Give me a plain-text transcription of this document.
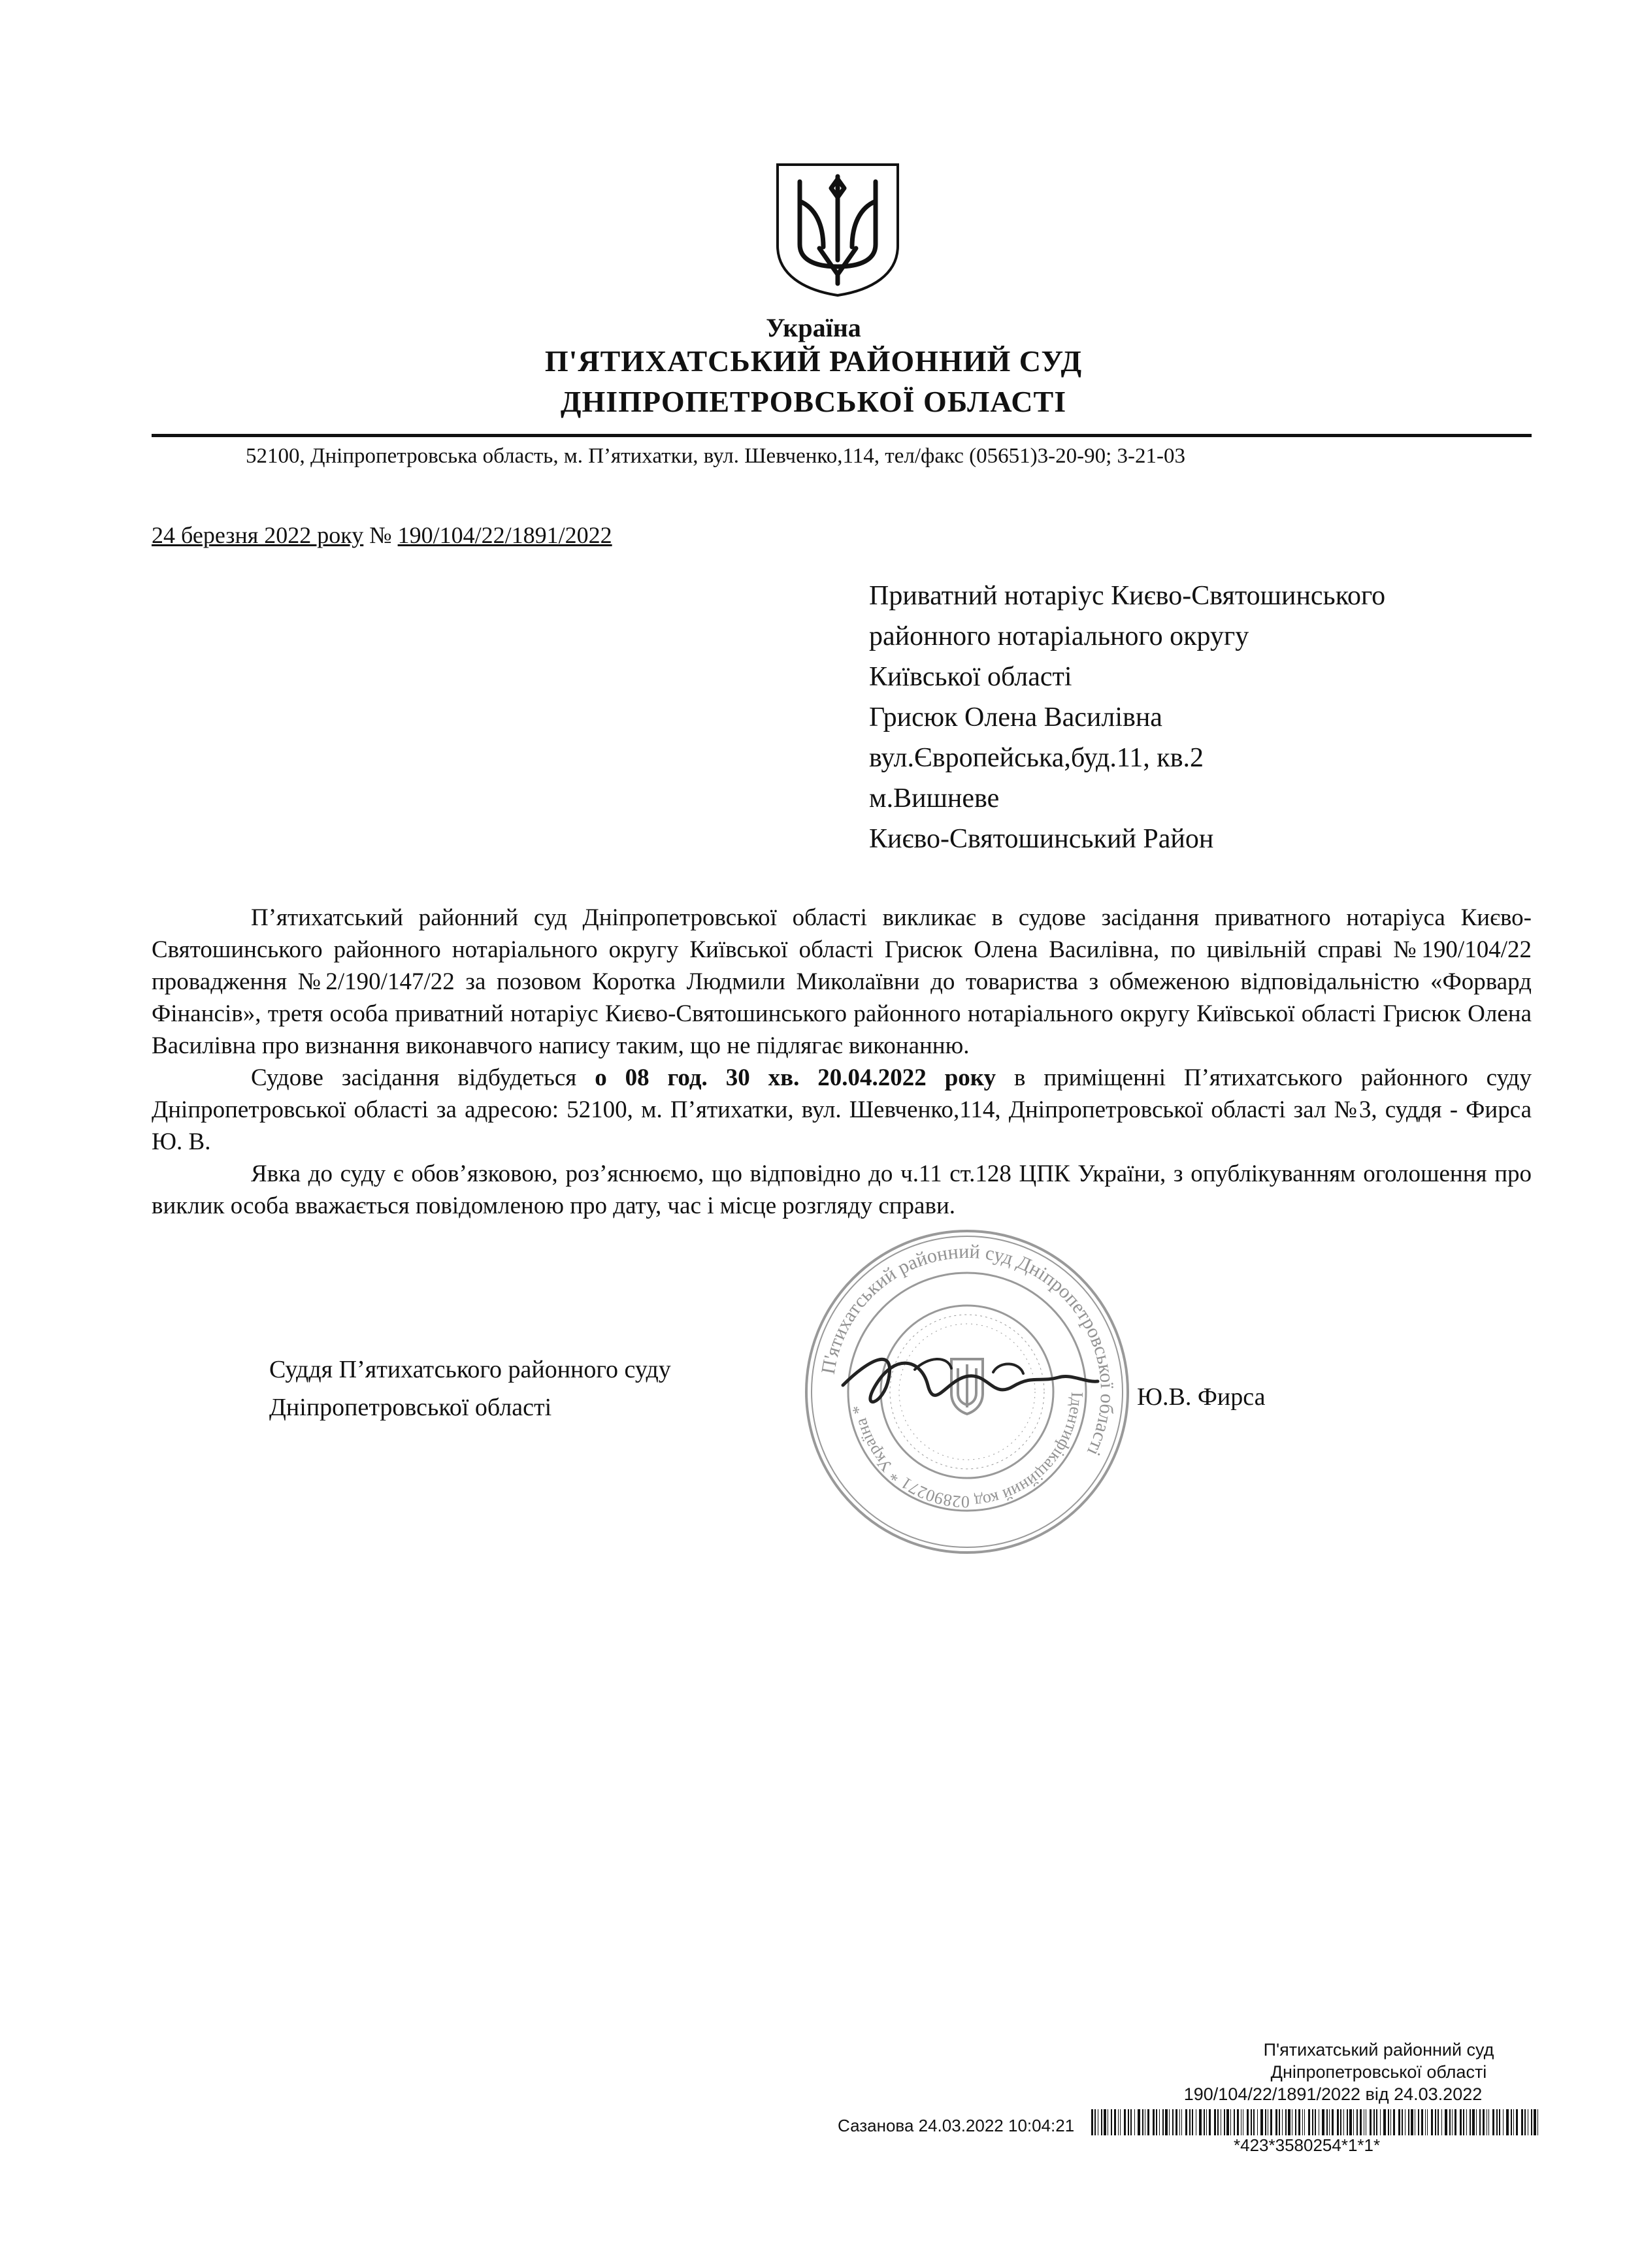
Україна
П'ЯТИХАТСЬКИЙ РАЙОННИЙ СУД
ДНІПРОПЕТРОВСЬКОЇ ОБЛАСТІ
52100, Дніпропетровська область, м. П’ятихатки, вул. Шевченко,114, тел/факс (05651)3-20-90; 3-21-03
24 березня 2022 року № 190/104/22/1891/2022
Приватний нотаріус Києво-Святошинського
районного нотаріального округу
Київської області
Грисюк Олена Василівна
вул.Європейська,буд.11, кв.2
м.Вишневе
Києво-Святошинський Район

П’ятихатський районний суд Дніпропетровської області викликає в судове засідання приватного нотаріуса Києво-Святошинського районного нотаріального округу Київської області Грисюк Олена Василівна, по цивільній справі №190/104/22 провадження №2/190/147/22 за позовом Коротка Людмили Миколаївни до товариства з обмеженою відповідальністю «Форвард Фінансів», третя особа приватний нотаріус Києво-Святошинського районного нотаріального округу Київської області Грисюк Олена Василівна про визнання виконавчого напису таким, що не підлягає виконанню.

Судове засідання відбудеться о 08 год. 30 хв. 20.04.2022 року в приміщенні П’ятихатського районного суду Дніпропетровської області за адресою: 52100, м. П’ятихатки, вул. Шевченко,114, Дніпропетровської області зал №3, суддя - Фирса Ю. В.

Явка до суду є обов’язковою, роз’яснюємо, що відповідно до ч.11 ст.128 ЦПК України, з опублікуванням оголошення про виклик особа вважається повідомленою про дату, час і місце розгляду справи.

Суддя П’ятихатського районного суду
Дніпропетровської області	Ю.В. Фирса
П'ятихатський районний суд Дніпропетровської області
Ідентифікаційний код 02890271 * Україна *
П'ятихатський районний суд
Дніпропетровської області
190/104/22/1891/2022 від 24.03.2022
Сазанова 24.03.2022 10:04:21
*423*3580254*1*1*
